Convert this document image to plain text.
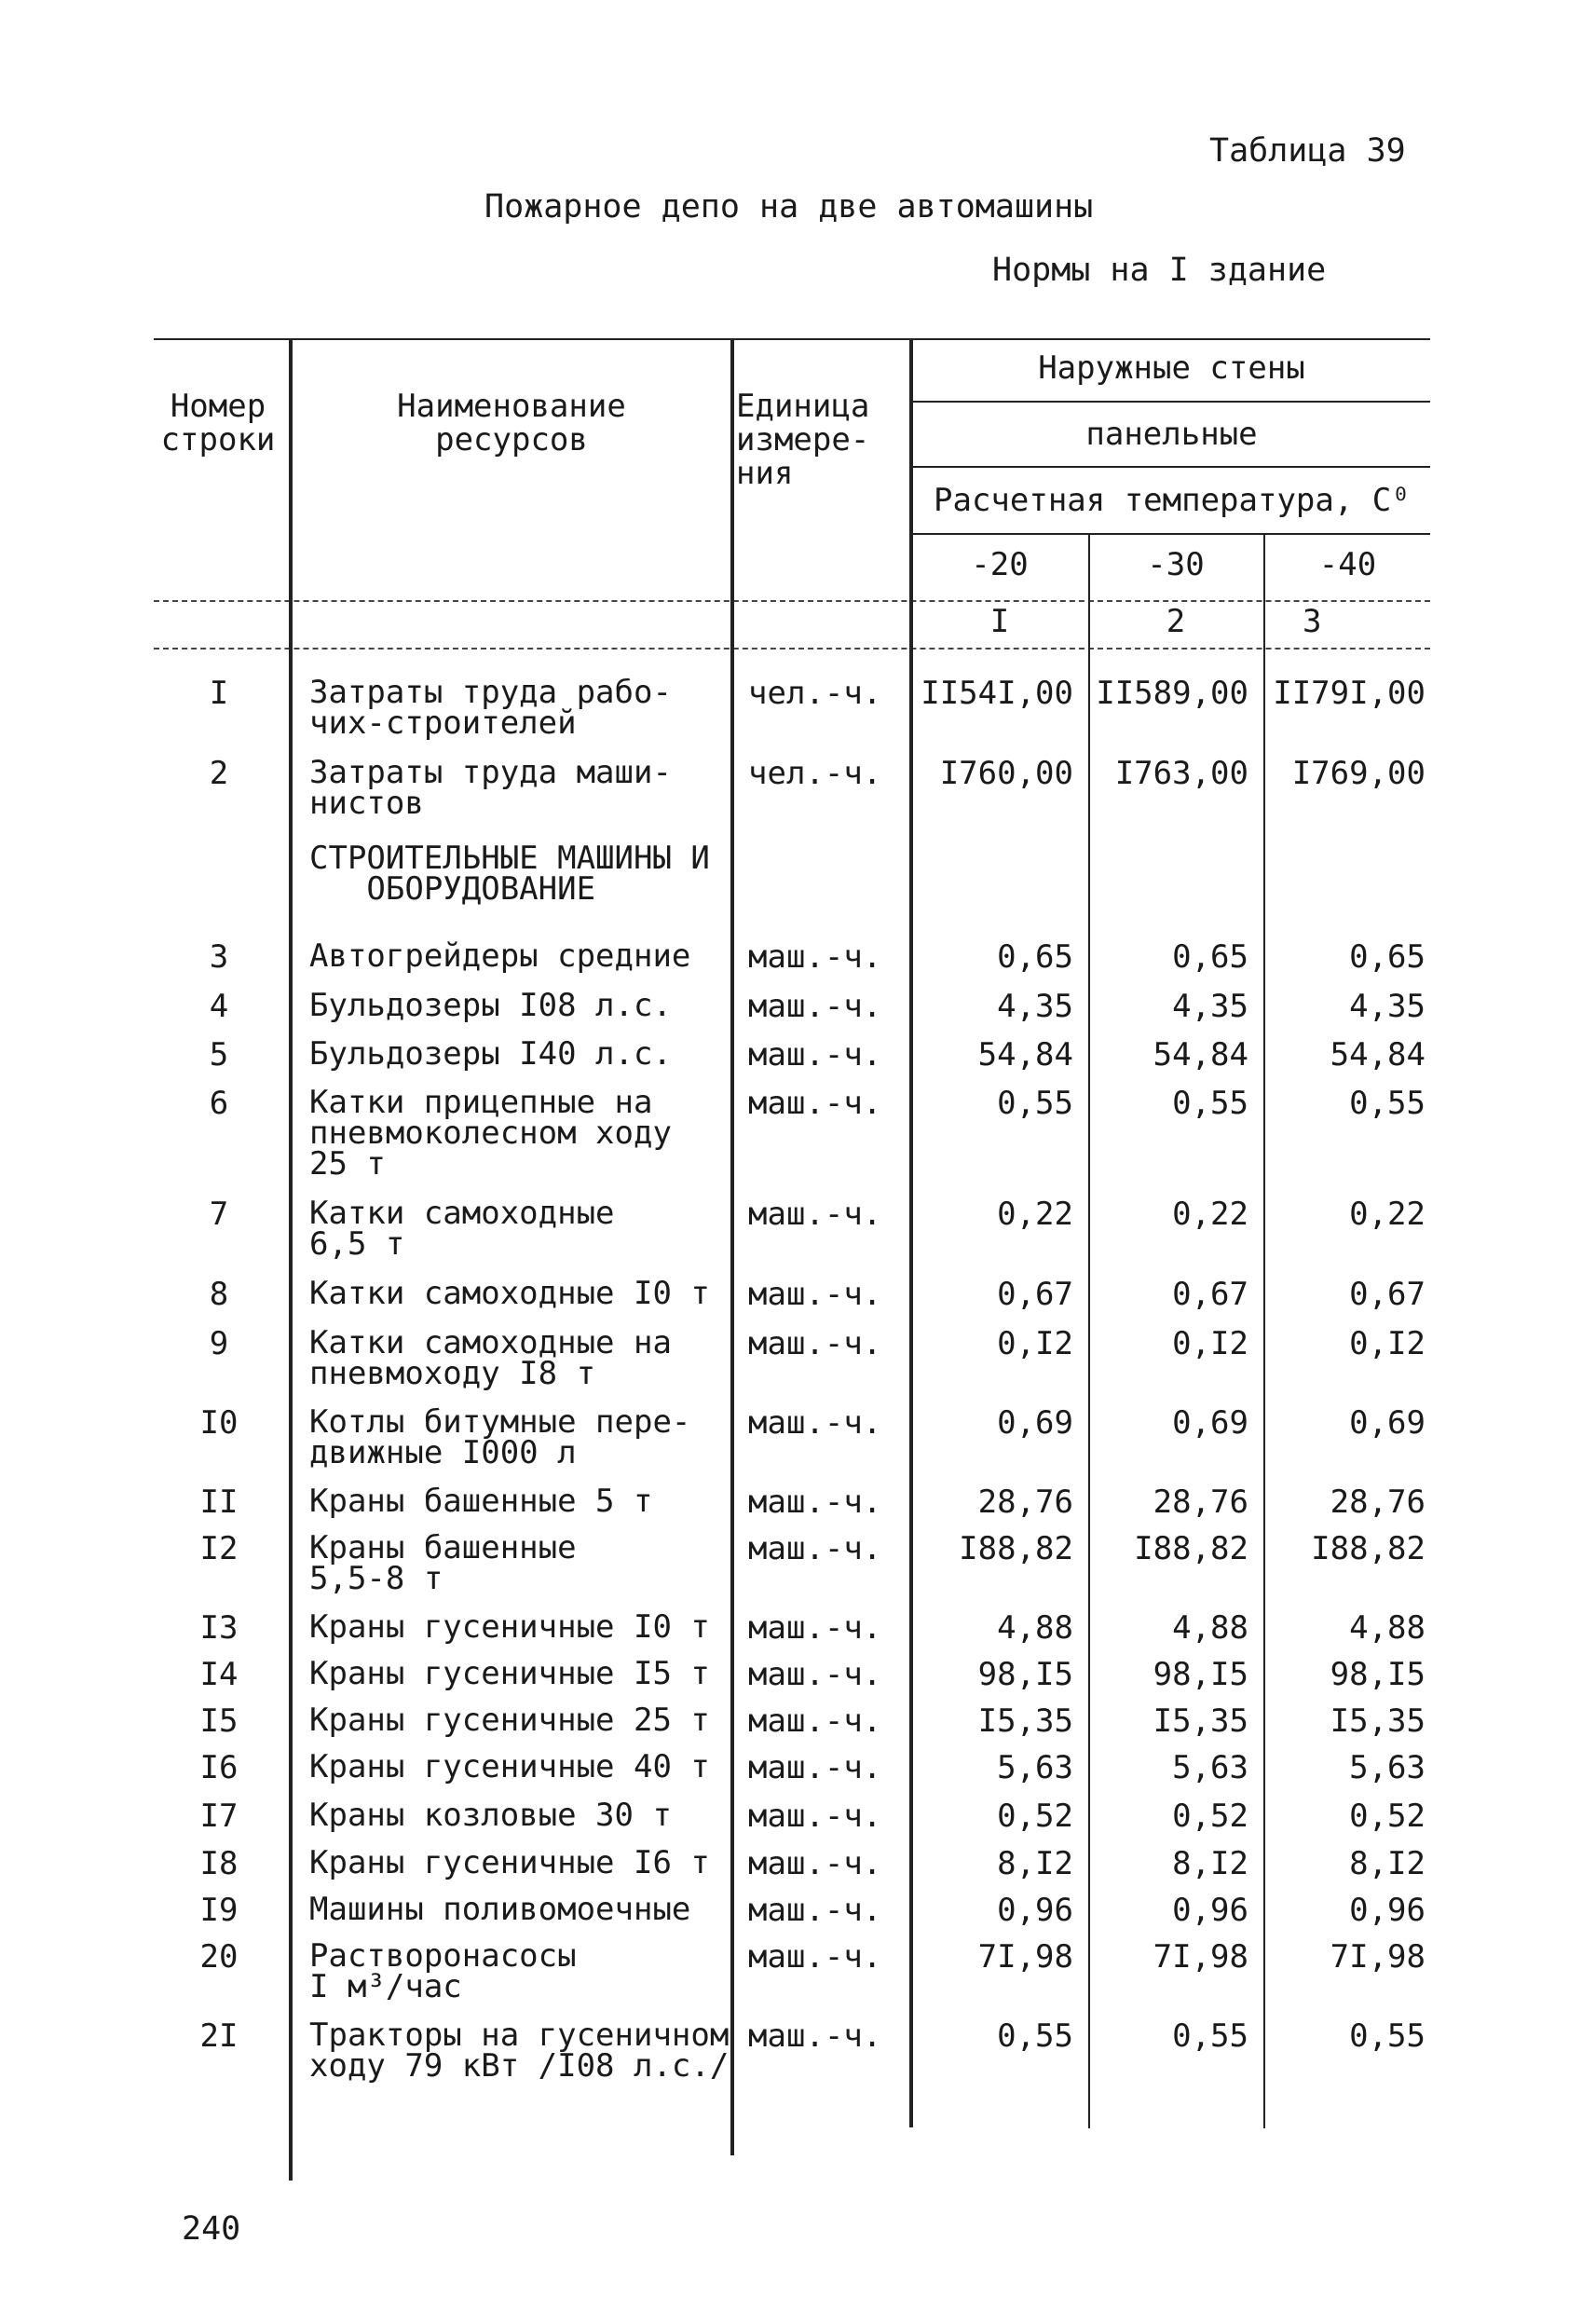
Таблица 39
Пожарное депо на две автомашины
Нормы на I здание
Номер
строки
Наименование
ресурсов
Единица
измере-
ния
Наружные стены
панельные
Расчетная температура, C⁰
-20	-30	-40
I	2	3
I	Затраты труда рабо-
чих-строителей
чел.-ч.	II54I,00 II589,00 II79I,00
2	Затраты труда маши-
нистов
чел.-ч.	I760,00	I763,00	I769,00
СТРОИТЕЛЬНЫЕ МАШИНЫ И
ОБОРУДОВАНИЕ
3	Автогрейдеры средние	маш.-ч.	0,65	0,65	0,65
4	Бульдозеры I08 л.с.	маш.-ч.	4,35	4,35	4,35
5	Бульдозеры I40 л.с.	маш.-ч.	54,84	54,84	54,84
6	Катки прицепные на
пневмоколесном ходу
25 т
маш.-ч.	0,55	0,55	0,55
7	Катки самоходные
6,5 т
маш.-ч.	0,22	0,22	0,22
8	Катки самоходные I0 т	маш.-ч.	0,67	0,67	0,67
9	Катки самоходные на
пневмоходу I8 т
маш.-ч.	0,I2	0,I2	0,I2
I0	Котлы битумные пере-
движные I000 л
маш.-ч.	0,69	0,69	0,69
II	Краны башенные 5 т	маш.-ч.	28,76	28,76	28,76
I2	Краны башенные
5,5-8 т
маш.-ч.	I88,82	I88,82	I88,82
I3	Краны гусеничные I0 т	маш.-ч.	4,88	4,88	4,88
I4	Краны гусеничные I5 т	маш.-ч.	98,I5	98,I5	98,I5
I5	Краны гусеничные 25 т	маш.-ч.	I5,35	I5,35	I5,35
I6	Краны гусеничные 40 т	маш.-ч.	5,63	5,63	5,63
I7	Краны козловые 30 т	маш.-ч.	0,52	0,52	0,52
I8	Краны гусеничные I6 т	маш.-ч.	8,I2	8,I2	8,I2
I9	Машины поливомоечные	маш.-ч.	0,96	0,96	0,96
20	Растворонасосы
I м³/час
маш.-ч.	7I,98	7I,98	7I,98
2I	Тракторы на гусеничном
ходу 79 кВт /I08 л.с./
маш.-ч.	0,55	0,55	0,55
240
